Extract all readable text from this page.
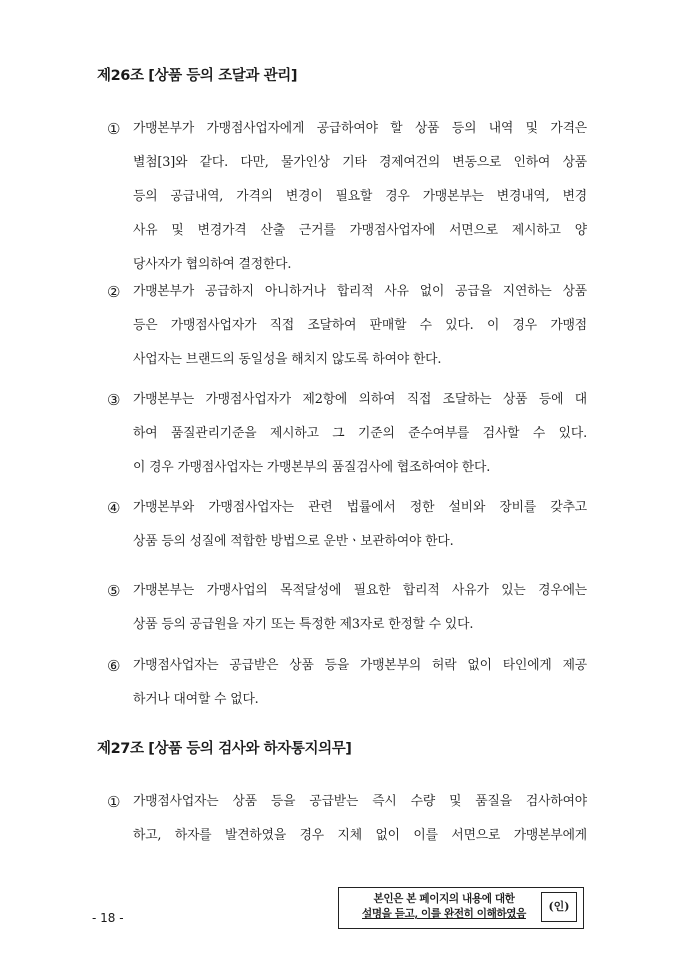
제26조 [상품 등의 조달과 관리]
① 가맹본부가 가맹점사업자에게 공급하여야 할 상품 등의 내역 및 가격은
별첨[3]와 같다. 다만, 물가인상 기타 경제여건의 변동으로 인하여 상품
등의 공급내역, 가격의 변경이 필요할 경우 가맹본부는 변경내역, 변경
사유 및 변경가격 산출 근거를 가맹점사업자에 서면으로 제시하고 양
당사자가 협의하여 결정한다.
② 가맹본부가 공급하지 아니하거나 합리적 사유 없이 공급을 지연하는 상품
등은 가맹점사업자가 직접 조달하여 판매할 수 있다. 이 경우 가맹점
사업자는 브랜드의 동일성을 해치지 않도록 하여야 한다.
③ 가맹본부는 가맹점사업자가 제2항에 의하여 직접 조달하는 상품 등에 대
하여 품질관리기준을 제시하고 그 기준의 준수여부를 검사할 수 있다.
이 경우 가맹점사업자는 가맹본부의 품질검사에 협조하여야 한다.
④ 가맹본부와 가맹점사업자는 관련 법률에서 정한 설비와 장비를 갖추고
상품 등의 성질에 적합한 방법으로 운반ㆍ보관하여야 한다.
⑤ 가맹본부는 가맹사업의 목적달성에 필요한 합리적 사유가 있는 경우에는
상품 등의 공급원을 자기 또는 특정한 제3자로 한정할 수 있다.
⑥ 가맹점사업자는 공급받은 상품 등을 가맹본부의 허락 없이 타인에게 제공
하거나 대여할 수 없다.
제27조 [상품 등의 검사와 하자통지의무]
① 가맹점사업자는 상품 등을 공급받는 즉시 수량 및 품질을 검사하여야
하고, 하자를 발견하였을 경우 지체 없이 이를 서면으로 가맹본부에게
- 18 -
본인은 본 페이지의 내용에 대한
설명을 듣고, 이를 완전히 이해하였음
(인)
